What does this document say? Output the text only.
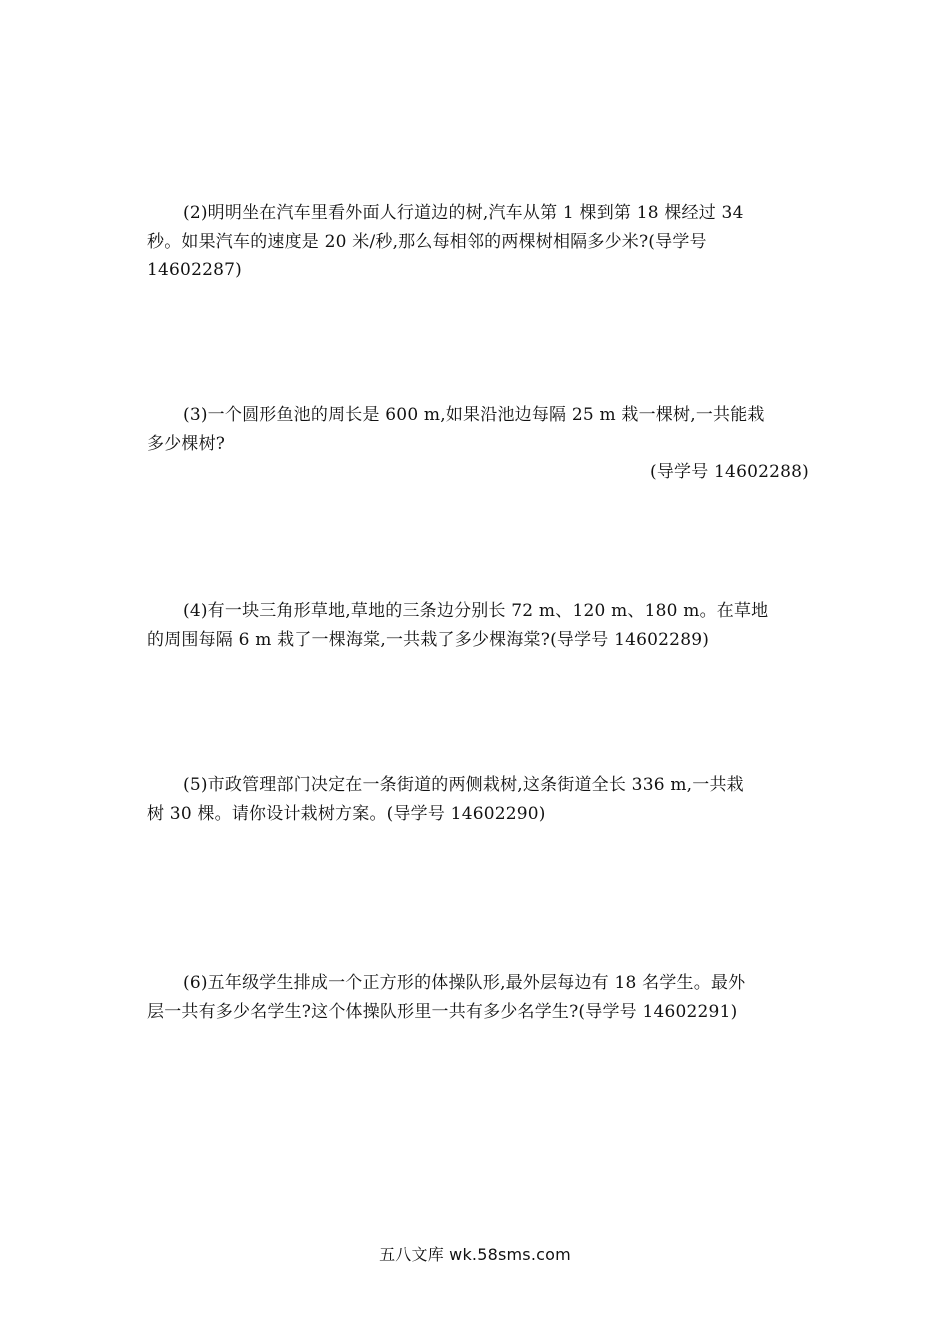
(2)明明坐在汽车里看外面人行道边的树,汽车从第 1 棵到第 18 棵经过 34

秒。如果汽车的速度是 20 米/秒,那么每相邻的两棵树相隔多少米?(导学号

14602287)

(3)一个圆形鱼池的周长是 600 m,如果沿池边每隔 25 m 栽一棵树,一共能栽

多少棵树?

(导学号 14602288)

(4)有一块三角形草地,草地的三条边分别长 72 m、120 m、180 m。在草地

的周围每隔 6 m 栽了一棵海棠,一共栽了多少棵海棠?(导学号 14602289)

(5)市政管理部门决定在一条街道的两侧栽树,这条街道全长 336 m,一共栽

树 30 棵。请你设计栽树方案。(导学号 14602290)

(6)五年级学生排成一个正方形的体操队形,最外层每边有 18 名学生。最外

层一共有多少名学生?这个体操队形里一共有多少名学生?(导学号 14602291)

五八文库 wk.58sms.com
